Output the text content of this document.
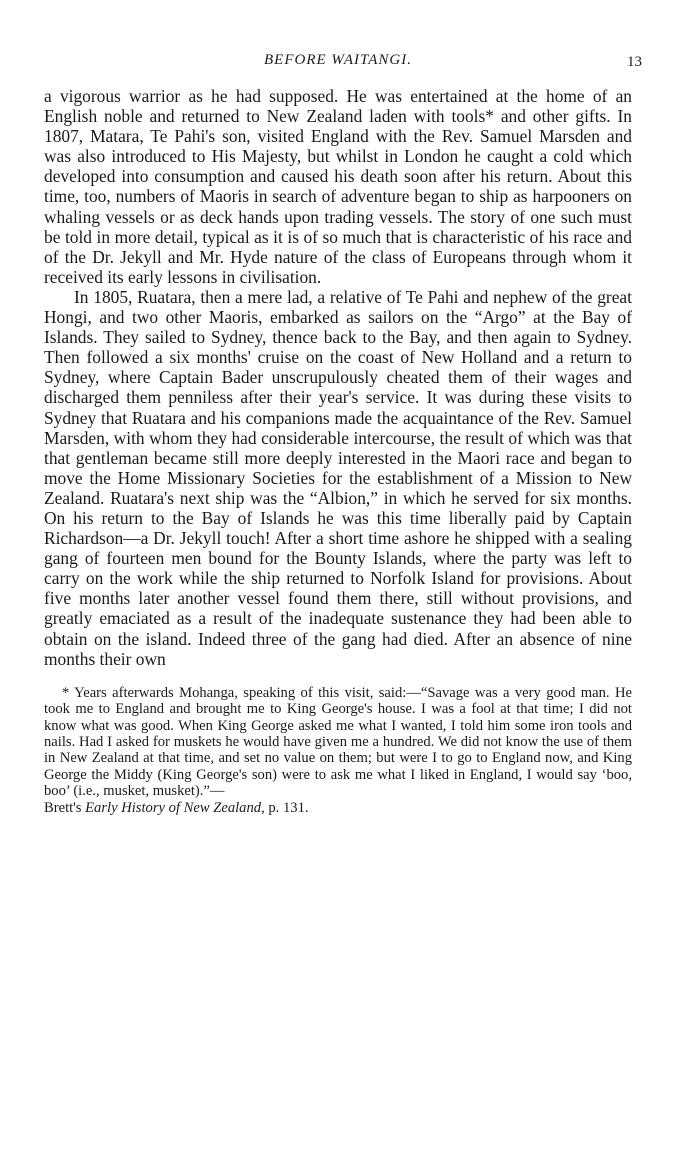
BEFORE WAITANGI.	13

a vigorous warrior as he had supposed. He was entertained at the home of an English noble and returned to New Zealand laden with tools* and other gifts. In 1807, Matara, Te Pahi's son, visited England with the Rev. Samuel Marsden and was also introduced to His Majesty, but whilst in London he caught a cold which developed into consumption and caused his death soon after his return. About this time, too, numbers of Maoris in search of adventure began to ship as harpooners on whaling vessels or as deck hands upon trading vessels. The story of one such must be told in more detail, typical as it is of so much that is characteristic of his race and of the Dr. Jekyll and Mr. Hyde nature of the class of Europeans through whom it received its early lessons in civilisation.

In 1805, Ruatara, then a mere lad, a relative of Te Pahi and nephew of the great Hongi, and two other Maoris, embarked as sailors on the “Argo” at the Bay of Islands. They sailed to Sydney, thence back to the Bay, and then again to Sydney. Then followed a six months' cruise on the coast of New Holland and a return to Sydney, where Captain Bader unscrupulously cheated them of their wages and discharged them penniless after their year's service. It was during these visits to Sydney that Ruatara and his companions made the acquaintance of the Rev. Samuel Marsden, with whom they had considerable intercourse, the result of which was that that gentleman became still more deeply interested in the Maori race and began to move the Home Missionary Societies for the establishment of a Mission to New Zealand. Ruatara's next ship was the “Albion,” in which he served for six months. On his return to the Bay of Islands he was this time liberally paid by Captain Richardson—a Dr. Jekyll touch! After a short time ashore he shipped with a sealing gang of fourteen men bound for the Bounty Islands, where the party was left to carry on the work while the ship returned to Norfolk Island for provisions. About five months later another vessel found them there, still without provisions, and greatly emaciated as a result of the inadequate sustenance they had been able to obtain on the island. Indeed three of the gang had died. After an absence of nine months their own

* Years afterwards Mohanga, speaking of this visit, said:—“Savage was a very good man. He took me to England and brought me to King George's house. I was a fool at that time; I did not know what was good. When King George asked me what I wanted, I told him some iron tools and nails. Had I asked for muskets he would have given me a hundred. We did not know the use of them in New Zealand at that time, and set no value on them; but were I to go to England now, and King George the Middy (King George's son) were to ask me what I liked in England, I would say ‘boo, boo’ (i.e., musket, musket).”—
Brett's Early History of New Zealand, p. 131.
